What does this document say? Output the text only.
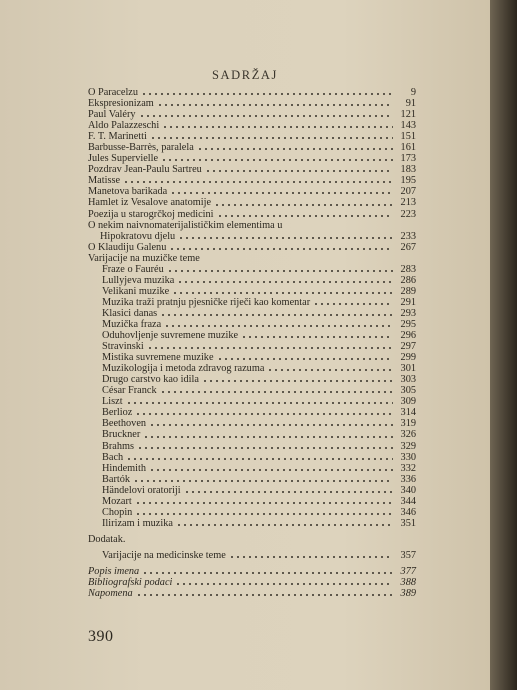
SADRŽAJ
O Paracelzu	9
Ekspresionizam	91
Paul Valéry	121
Aldo Palazzeschi	143
F. T. Marinetti	151
Barbusse-Barrès, paralela	161
Jules Supervielle	173
Pozdrav Jean-Paulu Sartreu	183
Matisse	195
Manetova barikada	207
Hamlet iz Vesalove anatomije	213
Poezija u starogrčkoj medicini	223
O nekim naivnomaterijalističkim elementima u
Hipokratovu djelu	233
O Klaudiju Galenu	267
Varijacije na muzičke teme
Fraze o Fauréu	283
Lullyjeva muzika	286
Velikani muzike	289
Muzika traži pratnju pjesničke riječi kao komentar	291
Klasici danas	293
Muzička fraza	295
Oduhovljenje suvremene muzike	296
Stravinski	297
Mistika suvremene muzike	299
Muzikologija i metoda zdravog razuma	301
Drugo carstvo kao idila	303
César Franck	305
Liszt	309
Berlioz	314
Beethoven	319
Bruckner	326
Brahms	329
Bach	330
Hindemith	332
Bartók	336
Händelovi oratoriji	340
Mozart	344
Chopin	346
Ilirizam i muzika	351
Dodatak.
Varijacije na medicinske teme	357
Popis imena	377
Bibliografski podaci	388
Napomena	389
390
